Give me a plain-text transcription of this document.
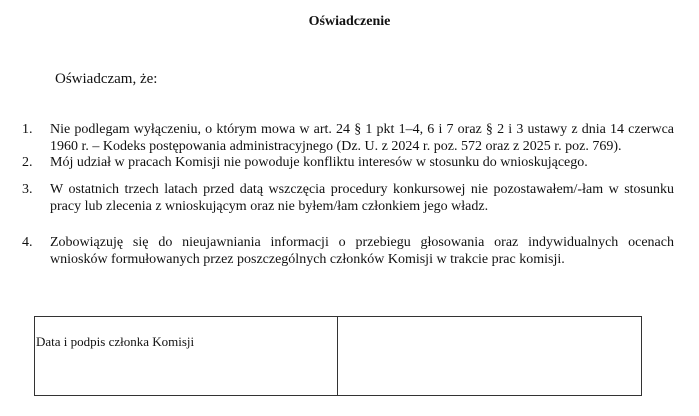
Oświadczenie
Oświadczam, że:
1. Nie podlegam wyłączeniu, o którym mowa w art. 24 § 1 pkt 1–4, 6 i 7 oraz § 2 i 3 ustawy z dnia 14 czerwca
1960 r. – Kodeks postępowania administracyjnego (Dz. U. z 2024 r. poz. 572 oraz z 2025 r. poz. 769).
2. Mój udział w pracach Komisji nie powoduje konfliktu interesów w stosunku do wnioskującego.
3. W ostatnich trzech latach przed datą wszczęcia procedury konkursowej nie pozostawałem/-łam w stosunku
pracy lub zlecenia z wnioskującym oraz nie byłem/łam członkiem jego władz.
4. Zobowiązuję się do nieujawniania informacji o przebiegu głosowania oraz indywidualnych ocenach
wniosków formułowanych przez poszczególnych członków Komisji w trakcie prac komisji.
Data i podpis członka Komisji
